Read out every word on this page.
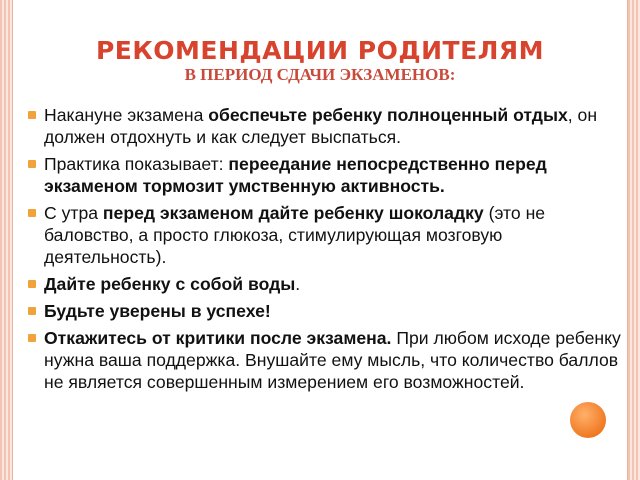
РЕКОМЕНДАЦИИ РОДИТЕЛЯМ
В ПЕРИОД СДАЧИ ЭКЗАМЕНОВ:
Накануне экзамена обеспечьте ребенку полноценный отдых, он должен отдохнуть и как следует выспаться.
Практика показывает: переедание непосредственно перед экзаменом тормозит умственную активность.
С утра перед экзаменом дайте ребенку шоколадку (это не баловство, а просто глюкоза, стимулирующая мозговую деятельность).
Дайте ребенку с собой воды.
Будьте уверены в успехе!
Откажитесь от критики после экзамена. При любом исходе ребенку нужна ваша поддержка. Внушайте ему мысль, что количество баллов не является совершенным измерением его возможностей.
